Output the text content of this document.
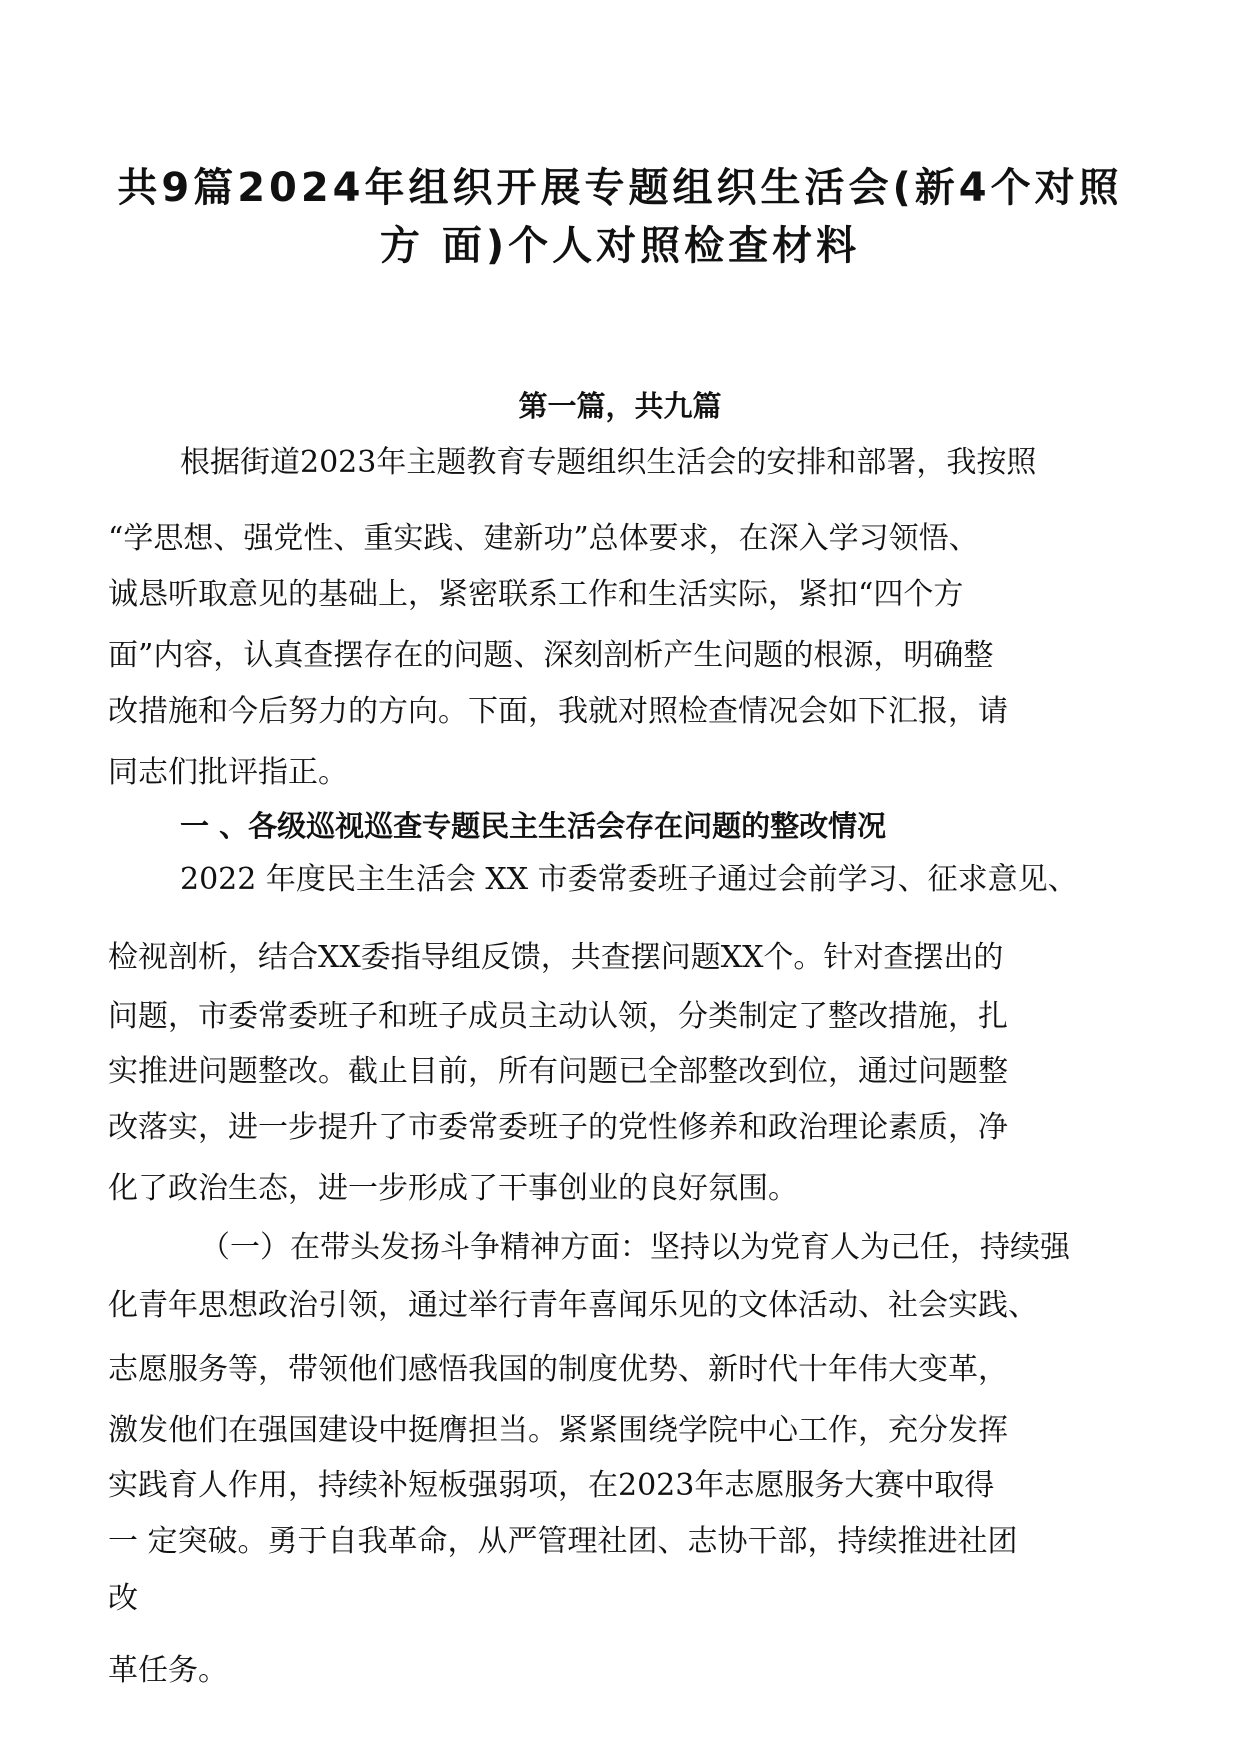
共9篇2024年组织开展专题组织生活会(新4个对照
方 面)个人对照检查材料
第一篇，共九篇
根据街道2023年主题教育专题组织生活会的安排和部署，我按照
“学思想、强党性、重实践、建新功”总体要求，在深入学习领悟、
诚恳听取意见的基础上，紧密联系工作和生活实际，紧扣“四个方
面”内容，认真查摆存在的问题、深刻剖析产生问题的根源，明确整
改措施和今后努力的方向。下面，我就对照检查情况会如下汇报，请
同志们批评指正。
一 、各级巡视巡查专题民主生活会存在问题的整改情况
2022 年度民主生活会 XX 市委常委班子通过会前学习、征求意见、
检视剖析，结合XX委指导组反馈，共查摆问题XX个。针对查摆出的
问题，市委常委班子和班子成员主动认领，分类制定了整改措施，扎
实推进问题整改。截止目前，所有问题已全部整改到位，通过问题整
改落实，进一步提升了市委常委班子的党性修养和政治理论素质，净
化了政治生态，进一步形成了干事创业的良好氛围。
（一）在带头发扬斗争精神方面：坚持以为党育人为己任，持续强
化青年思想政治引领，通过举行青年喜闻乐见的文体活动、社会实践、
志愿服务等，带领他们感悟我国的制度优势、新时代十年伟大变革，
激发他们在强国建设中挺膺担当。紧紧围绕学院中心工作，充分发挥
实践育人作用，持续补短板强弱项，在2023年志愿服务大赛中取得
一 定突破。勇于自我革命，从严管理社团、志协干部，持续推进社团
改
革任务。
